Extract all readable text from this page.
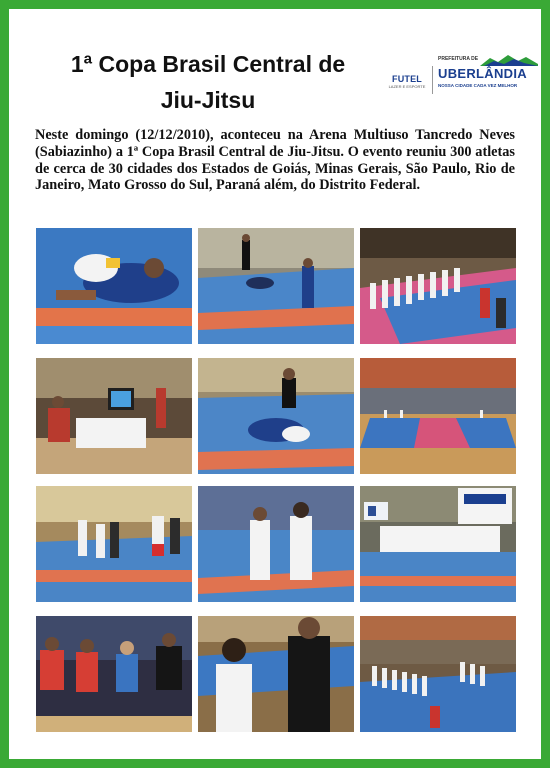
1ª Copa Brasil Central de
Jiu-Jitsu
FUTEL
LAZER E ESPORTE
PREFEITURA DE
UBERLÂNDIA
NOSSA CIDADE CADA VEZ MELHOR
Neste domingo (12/12/2010), aconteceu na Arena Multiuso Tancredo Neves (Sabiazinho) a 1ª Copa Brasil Central de Jiu-Jitsu. O evento reuniu 300 atletas de cerca de 30 cidades dos Estados de Goiás, Minas Gerais, São Paulo, Rio de Janeiro, Mato Grosso do Sul, Paraná além, do Distrito Federal.
